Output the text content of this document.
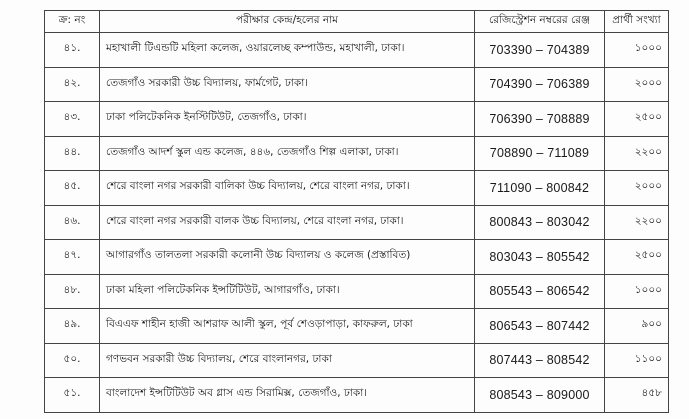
ক্র: নং	পরীক্ষার কেন্দ্র/হলের নাম	রেজিস্ট্রেশন নম্বরের রেঞ্জ	প্রার্থী সংখ্যা
৪১.	মহাখালী টিএন্ডটি মহিলা কলেজ, ওয়ারলেচ্ছ কম্পাউন্ড, মহাখালী, ঢাকা।	703390 – 704389	১০০০
৪২.	তেজগাঁও সরকারী উচ্চ বিদ্যালয়, ফার্মগেট, ঢাকা।	704390 – 706389	২০০০
৪৩.	ঢাকা পলিটেকনিক ইনস্টিটিউট, তেজগাঁও, ঢাকা।	706390 – 708889	২৫০০
৪৪.	তেজগাঁও আদর্শ স্কুল এন্ড কলেজ, ৪৪৬, তেজগাঁও শিল্প এলাকা, ঢাকা।	708890 – 711089	২২০০
৪৫.	শেরে বাংলা নগর সরকারী বালিকা উচ্চ বিদ্যালয়, শেরে বাংলা নগর, ঢাকা।	711090 – 800842	২০০০
৪৬.	শেরে বাংলা নগর সরকারী বালক উচ্চ বিদ্যালয়, শেরে বাংলা নগর, ঢাকা।	800843 – 803042	২২০০
৪৭.	আগারগাঁও তালতলা সরকারী কলোনী উচ্চ বিদ্যালয় ও কলেজ (প্রস্তাবিত)	803043 – 805542	২৫০০
৪৮.	ঢাকা মহিলা পলিটেকনিক ইন্সটিটিউট, আগারগাঁও, ঢাকা।	805543 – 806542	১০০০
৪৯.	বিএএফ শাহীন হাজী আশরাফ আলী স্কুল, পূর্ব শেওড়াপাড়া, কাফরুল, ঢাকা	806543 – 807442	৯০০
৫০.	গণভবন সরকারী উচ্চ বিদ্যালয়, শেরে বাংলানগর, ঢাকা	807443 – 808542	১১০০
৫১.	বাংলাদেশ ইন্সটিটিউট অব গ্লাস এন্ড সিরামিক্স, তেজগাঁও, ঢাকা।	808543 – 809000	৪৫৮
